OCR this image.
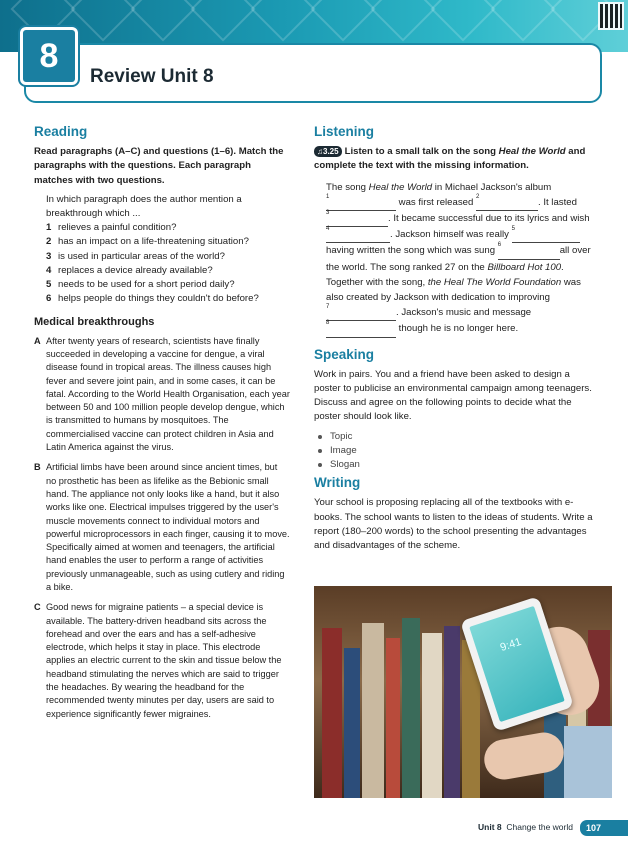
8
Review Unit 8
Reading
Read paragraphs (A–C) and questions (1–6). Match the paragraphs with the questions. Each paragraph matches with two questions.
In which paragraph does the author mention a breakthrough which ...
1 relieves a painful condition?
2 has an impact on a life-threatening situation?
3 is used in particular areas of the world?
4 replaces a device already available?
5 needs to be used for a short period daily?
6 helps people do things they couldn't do before?
Medical breakthroughs
A After twenty years of research, scientists have finally succeeded in developing a vaccine for dengue, a viral disease found in tropical areas. The illness causes high fever and severe joint pain, and in some cases, it can be fatal. According to the World Health Organisation, each year between 50 and 100 million people develop dengue, which is transmitted to humans by mosquitoes. The commercialised vaccine can protect children in Asia and Latin America against the virus.
B Artificial limbs have been around since ancient times, but no prosthetic has been as lifelike as the Bebionic small hand. The appliance not only looks like a hand, but it also works like one. Electrical impulses triggered by the user's muscle movements connect to individual motors and powerful microprocessors in each finger, causing it to move. Specifically aimed at women and teenagers, the artificial hand enables the user to perform a range of activities previously unmanageable, such as using cutlery and riding a bike.
C Good news for migraine patients – a special device is available. The battery-driven headband sits across the forehead and over the ears and has a self-adhesive electrode, which helps it stay in place. This electrode applies an electric current to the skin and tissue below the headband stimulating the nerves which are said to trigger the headaches. By wearing the headband for the recommended twenty minutes per day, users are said to experience significantly fewer migraines.
Listening
♫3.25 Listen to a small talk on the song Heal the World and complete the text with the missing information.
The song Heal the World in Michael Jackson's album

1	was first released 2	. It lasted
3	. It became successful due to its lyrics and wish
4	. Jackson himself was really 5
having written the song which was sung 6	all over the world. The song ranked 27 on the Billboard Hot 100. Together with the song, the Heal The World Foundation was also created by Jackson with dedication to improving

7	. Jackson's music and message

8	though he is no longer here.
Speaking
Work in pairs. You and a friend have been asked to design a poster to publicise an environmental campaign among teenagers. Discuss and agree on the following points to decide what the poster should look like.
Topic
Image
Slogan
Writing
Your school is proposing replacing all of the textbooks with e-books. The school wants to listen to the ideas of students. Write a report (180–200 words) to the school presenting the advantages and disadvantages of the scheme.
9:41
Unit 8 Change the world	107
